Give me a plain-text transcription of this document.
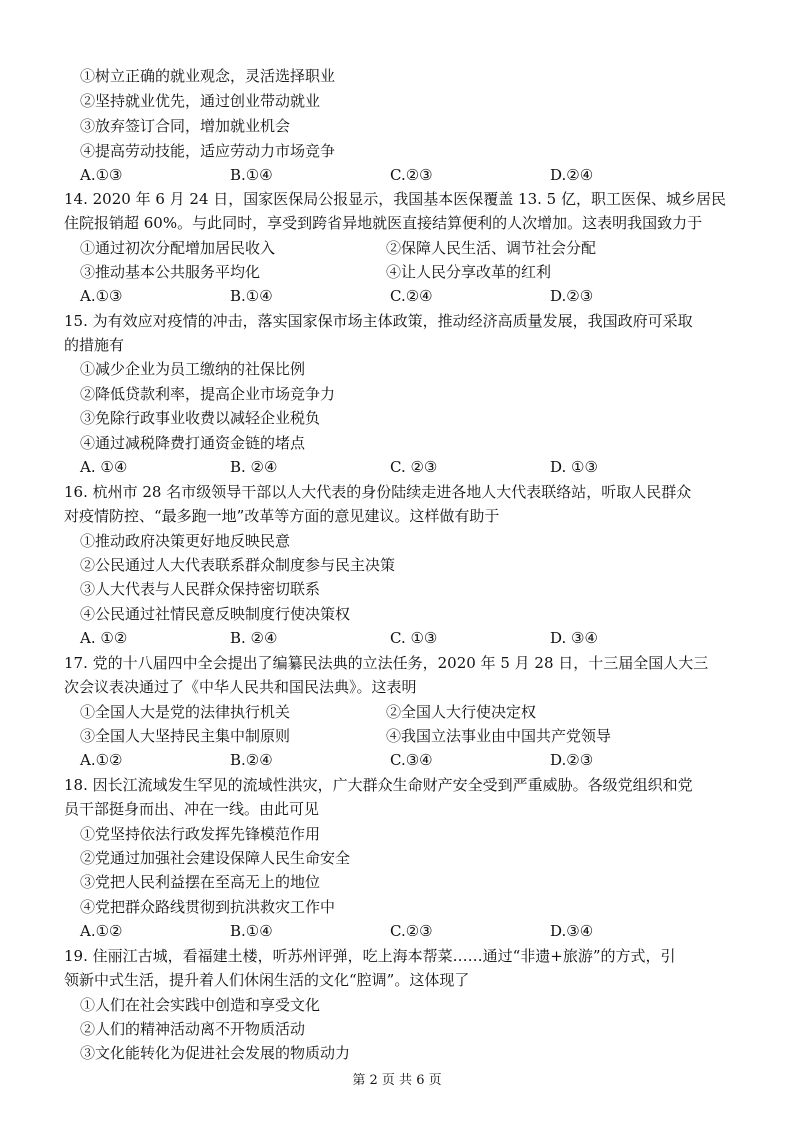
①树立正确的就业观念，灵活选择职业
②坚持就业优先，通过创业带动就业
③放弃签订合同，增加就业机会
④提高劳动技能，适应劳动力市场竞争
A.①③	B.①④	C.②③	D.②④
14. 2020 年 6 月 24 日，国家医保局公报显示，我国基本医保覆盖 13. 5 亿，职工医保、城乡居民
住院报销超 60%。与此同时，享受到跨省异地就医直接结算便利的人次增加。这表明我国致力于
①通过初次分配增加居民收入	②保障人民生活、调节社会分配
③推动基本公共服务平均化	④让人民分享改革的红利
A.①③	B.①④	C.②④	D.②③
15. 为有效应对疫情的冲击，落实国家保市场主体政策，推动经济高质量发展，我国政府可采取
的措施有
①减少企业为员工缴纳的社保比例
②降低贷款利率，提高企业市场竞争力
③免除行政事业收费以减轻企业税负
④通过减税降费打通资金链的堵点
A. ①④	B. ②④	C. ②③	D. ①③
16. 杭州市 28 名市级领导干部以人大代表的身份陆续走进各地人大代表联络站，听取人民群众
对疫情防控、“最多跑一地”改革等方面的意见建议。这样做有助于
①推动政府决策更好地反映民意
②公民通过人大代表联系群众制度参与民主决策
③人大代表与人民群众保持密切联系
④公民通过社情民意反映制度行使决策权
A. ①②	B. ②④	C. ①③	D. ③④
17. 党的十八届四中全会提出了编纂民法典的立法任务，2020 年 5 月 28 日，十三届全国人大三
次会议表决通过了《中华人民共和国民法典》。这表明
①全国人大是党的法律执行机关	②全国人大行使决定权
③全国人大坚持民主集中制原则	④我国立法事业由中国共产党领导
A.①②	B.②④	C.③④	D.②③
18. 因长江流域发生罕见的流域性洪灾，广大群众生命财产安全受到严重威胁。各级党组织和党
员干部挺身而出、冲在一线。由此可见
①党坚持依法行政发挥先锋模范作用
②党通过加强社会建设保障人民生命安全
③党把人民利益摆在至高无上的地位
④党把群众路线贯彻到抗洪救灾工作中
A.①②	B.①④	C.②③	D.③④
19. 住丽江古城，看福建土楼，听苏州评弹，吃上海本帮菜……通过“非遗+旅游”的方式，引
领新中式生活，提升着人们休闲生活的文化“腔调”。这体现了
①人们在社会实践中创造和享受文化
②人们的精神活动离不开物质活动
③文化能转化为促进社会发展的物质动力
第 2 页 共 6 页
